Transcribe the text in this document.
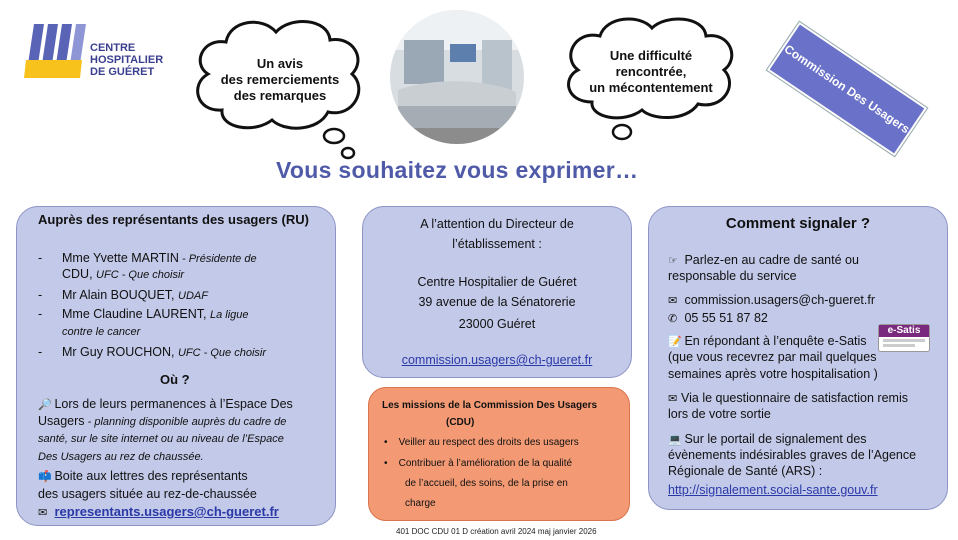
CENTRE
HOSPITALIER
DE GUÉRET
Un avis
des remerciements
des remarques
Une difficulté
rencontrée,
un mécontentement	Commission Des Usagers
Vous souhaitez vous exprimer…
Auprès des représentants des usagers (RU)
- Mme Yvette MARTIN - Présidente de
CDU, UFC - Que choisir
- Mr Alain BOUQUET, UDAF
- Mme Claudine LAURENT, La ligue
contre le cancer
- Mr Guy ROUCHON, UFC - Que choisir
Où ?
🔎 Lors de leurs permanences à l’Espace Des
Usagers - planning disponible auprès du cadre de
santé, sur le site internet ou au niveau de l’Espace
Des Usagers au rez de chaussée.
📫 Boite aux lettres des représentants
des usagers située au rez-de-chaussée
✉ representants.usagers@ch-gueret.fr
A l’attention du Directeur de
l’établissement :
Centre Hospitalier de Guéret
39 avenue de la Sénatorerie
23000 Guéret
commission.usagers@ch-gueret.fr
Les missions de la Commission Des Usagers
(CDU)
• Veiller au respect des droits des usagers
• Contribuer à l’amélioration de la qualité
de l’accueil, des soins, de la prise en
charge
Comment signaler ?
☞ Parlez-en au cadre de santé ou
responsable du service
✉ commission.usagers@ch-gueret.fr
✆ 05 55 51 87 82
📝 En répondant à l’enquête e-Satis
(que vous recevrez par mail quelques
semaines après votre hospitalisation )
e-Satis
✉ Via le questionnaire de satisfaction remis
lors de votre sortie
💻 Sur le portail de signalement des
évènements indésirables graves de l’Agence
Régionale de Santé (ARS) :
http://signalement.social-sante.gouv.fr
401 DOC CDU 01 D création avril 2024 maj janvier 2026
